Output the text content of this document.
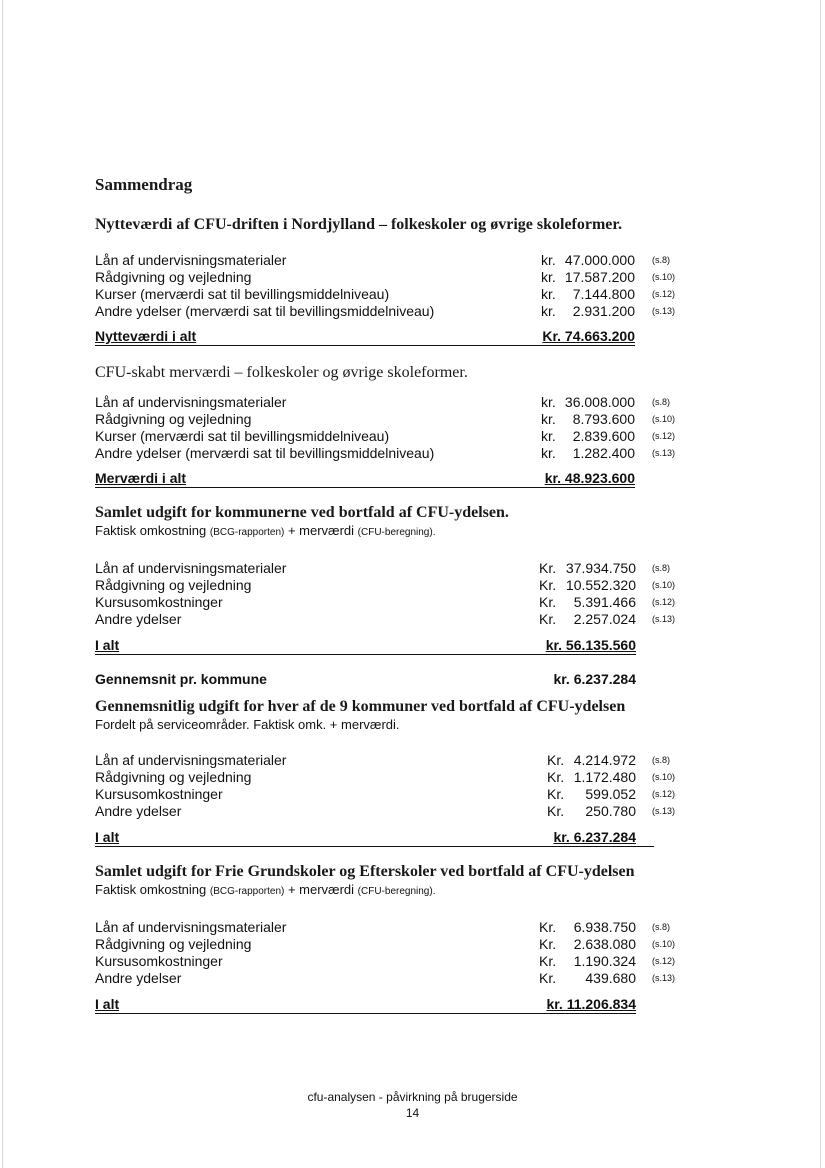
Sammendrag
Nytteværdi af CFU-driften i Nordjylland – folkeskoler og øvrige skoleformer.
Lån af undervisningsmaterialer	kr. 47.000.000 (s.8)
Rådgivning og vejledning	kr. 17.587.200 (s.10)
Kurser (merværdi sat til bevillingsmiddelniveau)	kr. 7.144.800 (s.12)
Andre ydelser (merværdi sat til bevillingsmiddelniveau)	kr. 2.931.200 (s.13)
Nytteværdi i alt	Kr. 74.663.200
CFU-skabt merværdi – folkeskoler og øvrige skoleformer.
Lån af undervisningsmaterialer	kr. 36.008.000 (s.8)
Rådgivning og vejledning	kr. 8.793.600 (s.10)
Kurser (merværdi sat til bevillingsmiddelniveau)	kr. 2.839.600 (s.12)
Andre ydelser (merværdi sat til bevillingsmiddelniveau)	kr. 1.282.400 (s.13)
Merværdi i alt	kr. 48.923.600
Samlet udgift for kommunerne ved bortfald af CFU-ydelsen.

Faktisk omkostning (BCG-rapporten) + merværdi (CFU-beregning).

Lån af undervisningsmaterialer	Kr. 37.934.750 (s.8)
Rådgivning og vejledning	Kr. 10.552.320 (s.10)
Kursusomkostninger	Kr. 5.391.466 (s.12)
Andre ydelser	Kr. 2.257.024 (s.13)
I alt	kr. 56.135.560
Gennemsnit pr. kommune	kr. 6.237.284
Gennemsnitlig udgift for hver af de 9 kommuner ved bortfald af CFU-ydelsen

Fordelt på serviceområder. Faktisk omk. + merværdi.

Lån af undervisningsmaterialer	Kr. 4.214.972 (s.8)
Rådgivning og vejledning	Kr. 1.172.480 (s.10)
Kursusomkostninger	Kr. 599.052 (s.12)
Andre ydelser	Kr. 250.780 (s.13)
I alt	kr. 6.237.284
Samlet udgift for Frie Grundskoler og Efterskoler ved bortfald af CFU-ydelsen

Faktisk omkostning (BCG-rapporten) + merværdi (CFU-beregning).

Lån af undervisningsmaterialer	Kr. 6.938.750 (s.8)
Rådgivning og vejledning	Kr. 2.638.080 (s.10)
Kursusomkostninger	Kr. 1.190.324 (s.12)
Andre ydelser	Kr. 439.680 (s.13)
I alt	kr. 11.206.834
cfu-analysen - påvirkning på brugerside
14
